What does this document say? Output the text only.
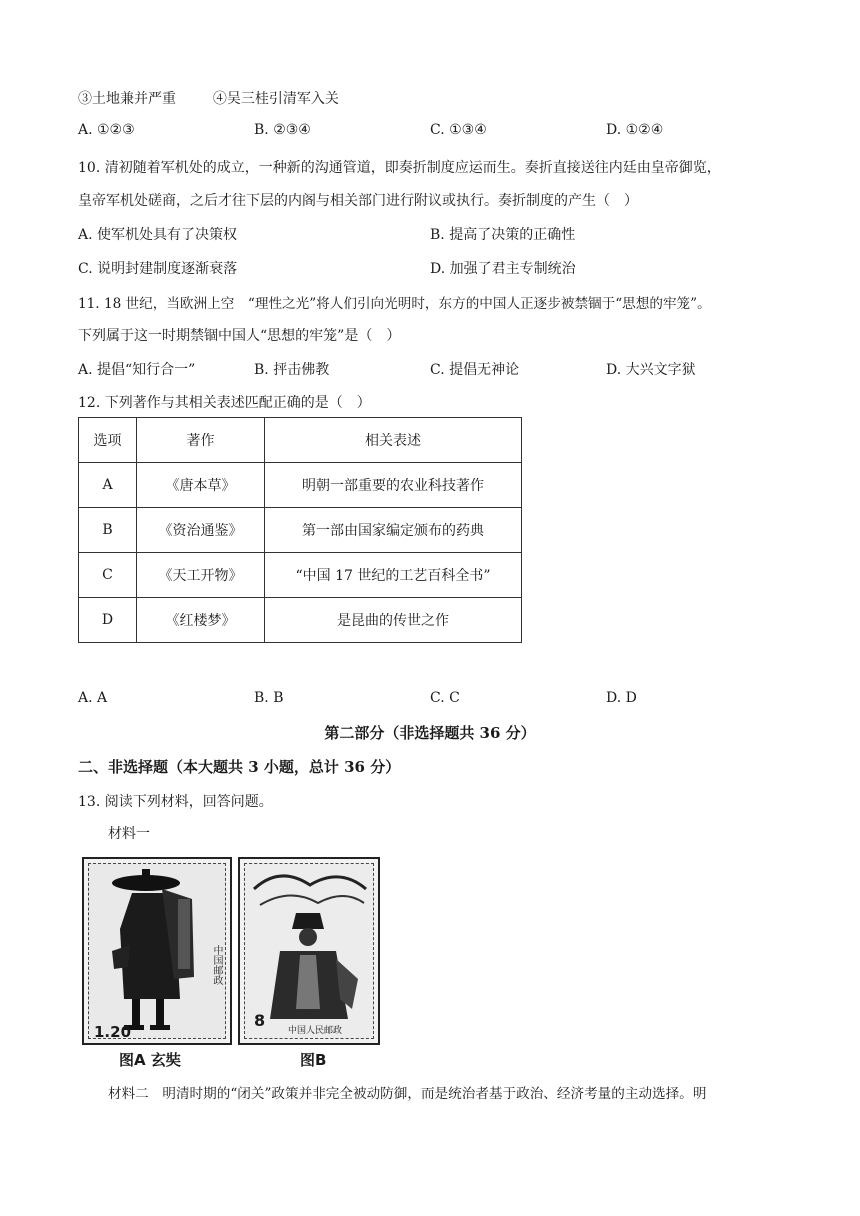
③土地兼并严重	④吴三桂引清军入关
A. ①②③	B. ②③④	C. ①③④	D. ①②④
10. 清初随着军机处的成立，一种新的沟通管道，即奏折制度应运而生。奏折直接送往内廷由皇帝御览，
皇帝军机处磋商，之后才往下层的内阁与相关部门进行附议或执行。奏折制度的产生（　）
A. 使军机处具有了决策权	B. 提高了决策的正确性
C. 说明封建制度逐渐衰落	D. 加强了君主专制统治
11. 18 世纪，当欧洲上空　“理性之光”将人们引向光明时，东方的中国人正逐步被禁锢于“思想的牢笼”。
下列属于这一时期禁锢中国人“思想的牢笼”是（　）
A. 提倡“知行合一”	B. 抨击佛教	C. 提倡无神论	D. 大兴文字狱
12. 下列著作与其相关表述匹配正确的是（　）
选项	著作	相关表述
A	《唐本草》	明朝一部重要的农业科技著作
B	《资治通鉴》	第一部由国家编定颁布的药典
C	《天工开物》	“中国 17 世纪的工艺百科全书”
D	《红楼梦》	是昆曲的传世之作
A. A	B. B	C. C	D. D
第二部分（非选择题共 36 分）
二、非选择题（本大题共 3 小题，总计 36 分）
13. 阅读下列材料，回答问题。
材料一
1.20
中国邮政
图A 玄奘
8
中国人民邮政
图B
材料二　明清时期的“闭关”政策并非完全被动防御，而是统治者基于政治、经济考量的主动选择。明
